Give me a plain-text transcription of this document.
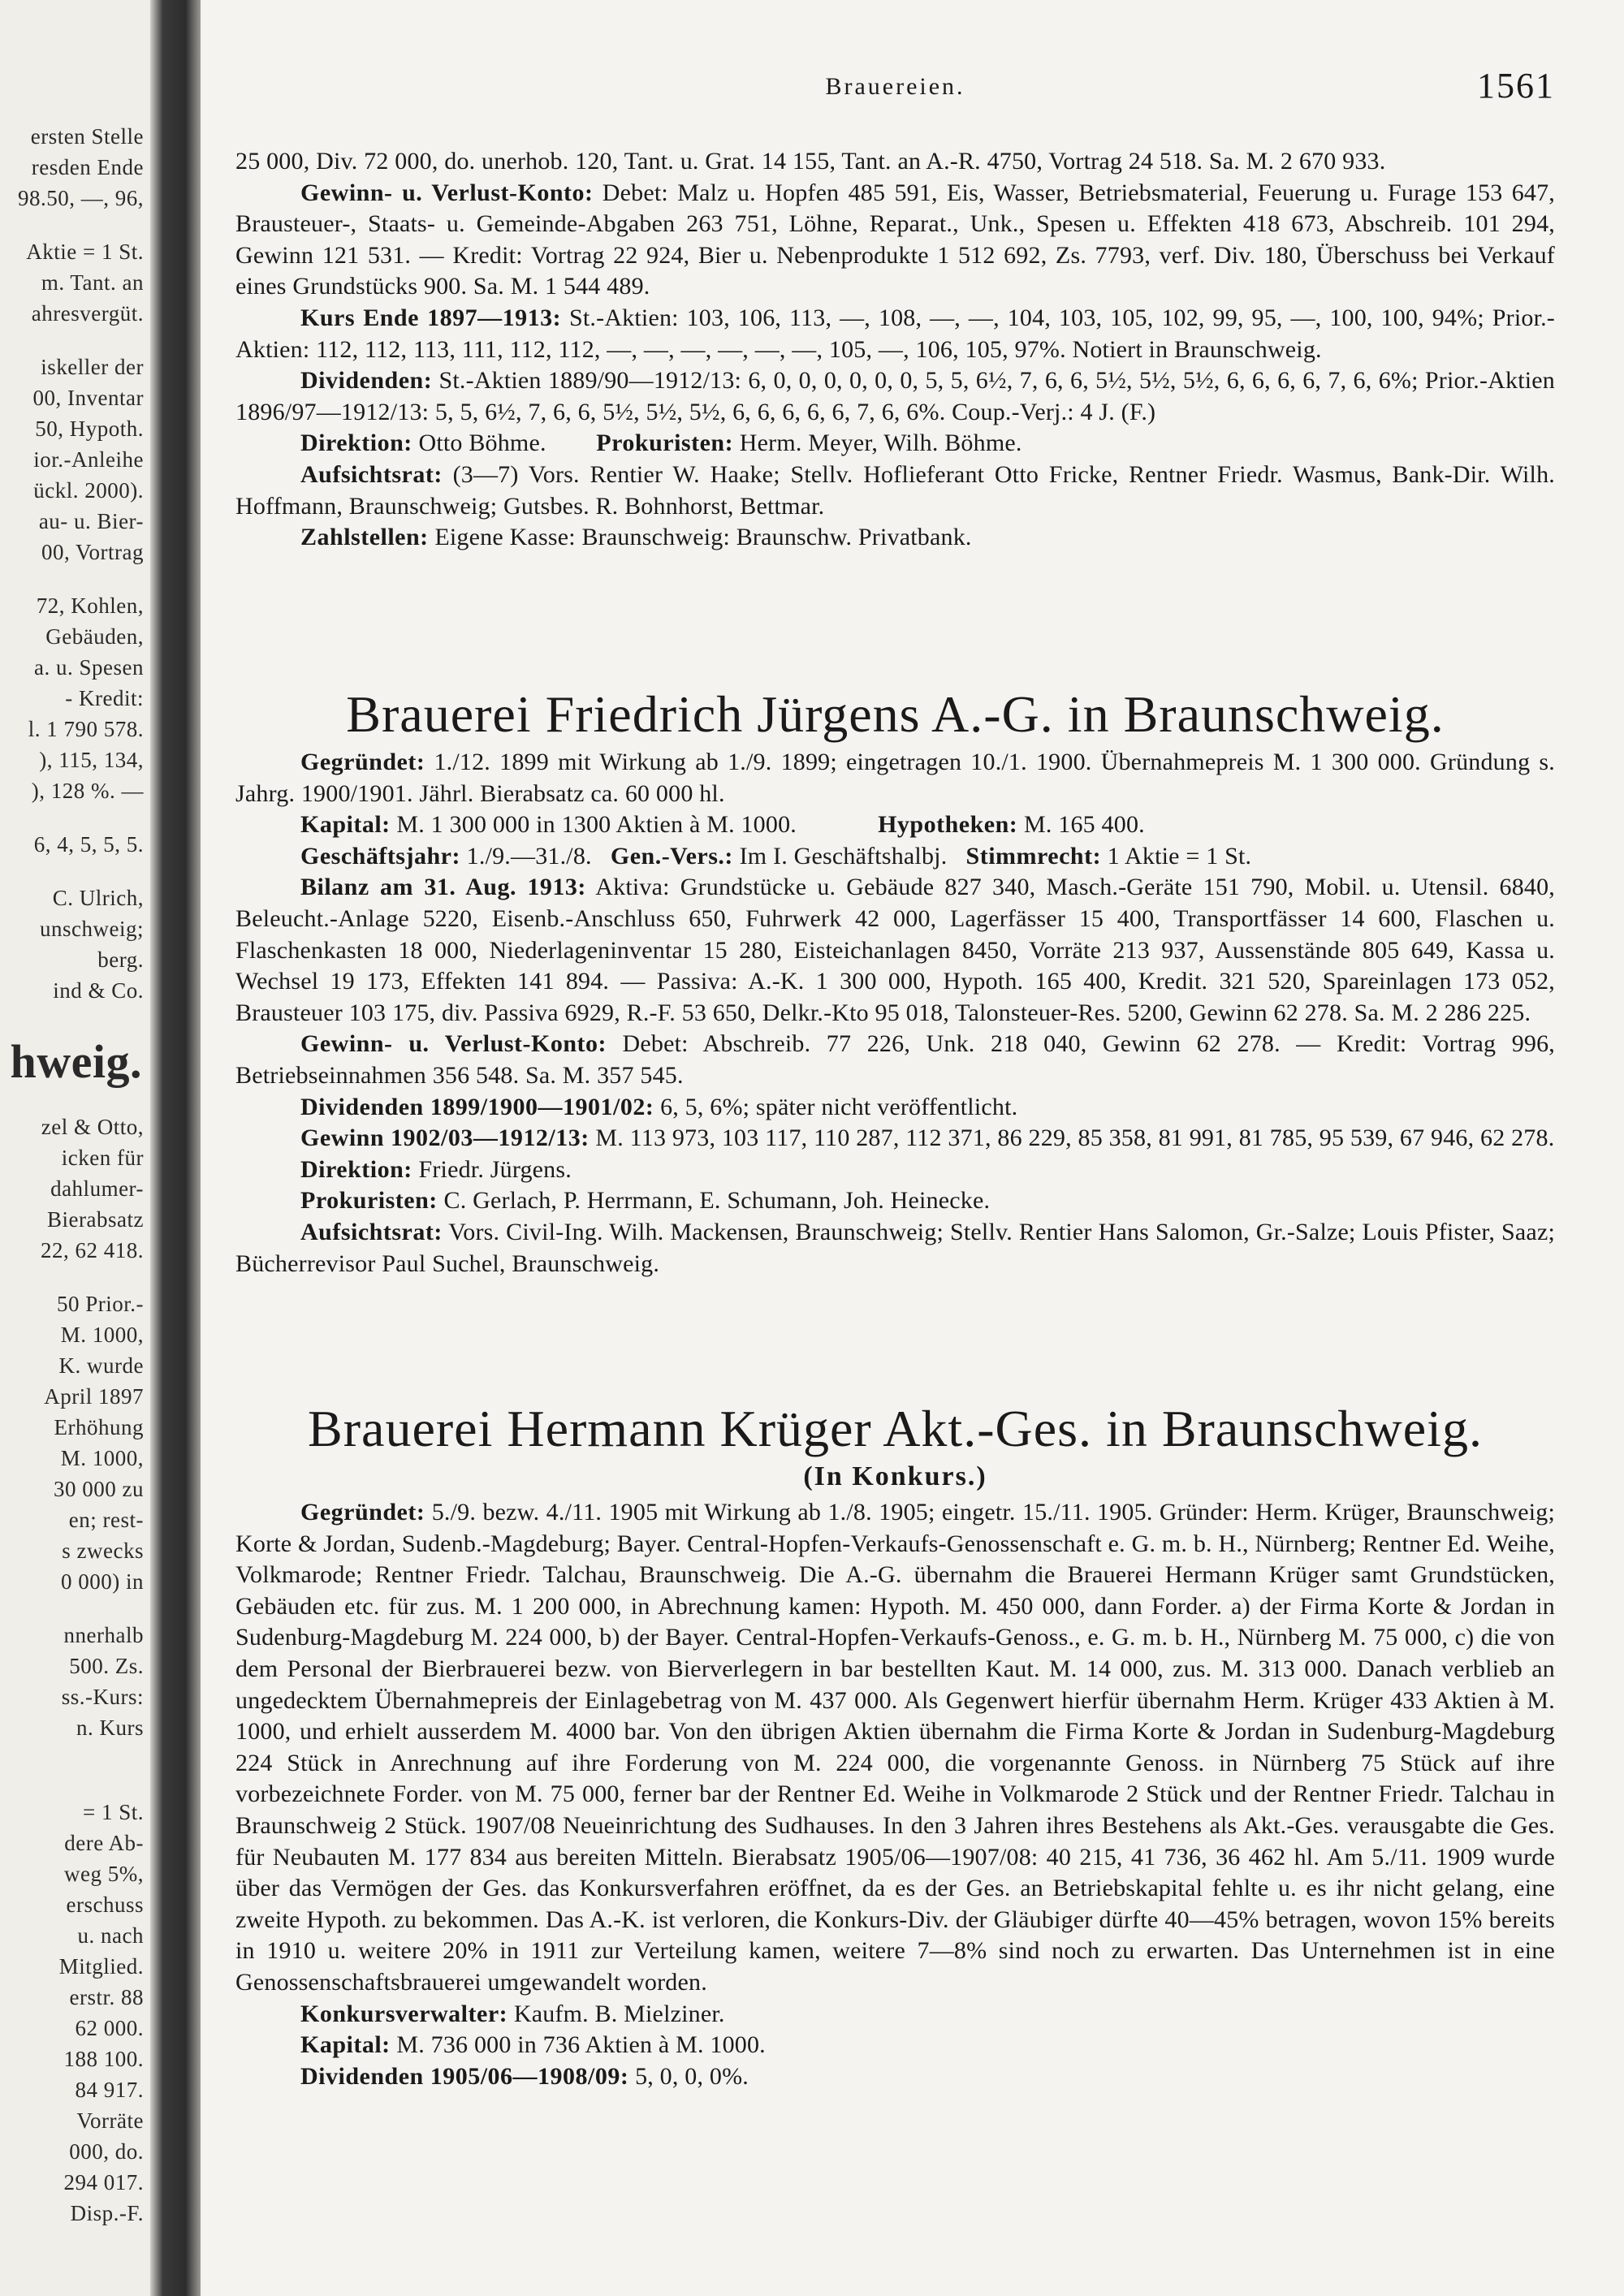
hweig.
ersten Stelle
resden Ende
98.50, —, 96,
Aktie = 1 St.
m. Tant. an
ahresvergüt.
iskeller der
00, Inventar
50, Hypoth.
ior.-Anleihe
ückl. 2000).
au- u. Bier-
00, Vortrag
72, Kohlen,
Gebäuden,
a. u. Spesen
- Kredit:
l. 1 790 578.
), 115, 134,
), 128 %. —
6, 4, 5, 5, 5.
C. Ulrich,
unschweig;
berg.
ind & Co.
zel & Otto,
icken für
dahlumer-
Bierabsatz
22, 62 418.
50 Prior.-
M. 1000,
K. wurde
April 1897
Erhöhung
M. 1000,
30 000 zu
en; rest-
s zwecks
0 000) in
nnerhalb
500. Zs.
ss.-Kurs:
n. Kurs
= 1 St.
dere Ab-
weg 5%,
erschuss
u. nach
Mitglied.
erstr. 88
62 000.
188 100.
84 917.
Vorräte
000, do.
294 017.
Disp.-F.
Brauereien.	1561

25 000, Div. 72 000, do. unerhob. 120, Tant. u. Grat. 14 155, Tant. an A.-R. 4750, Vortrag 24 518. Sa. M. 2 670 933.

Gewinn- u. Verlust-Konto: Debet: Malz u. Hopfen 485 591, Eis, Wasser, Betriebsmaterial, Feuerung u. Furage 153 647, Brausteuer-, Staats- u. Gemeinde-Abgaben 263 751, Löhne, Reparat., Unk., Spesen u. Effekten 418 673, Abschreib. 101 294, Gewinn 121 531. — Kredit: Vortrag 22 924, Bier u. Nebenprodukte 1 512 692, Zs. 7793, verf. Div. 180, Überschuss bei Verkauf eines Grundstücks 900. Sa. M. 1 544 489.

Kurs Ende 1897—1913: St.-Aktien: 103, 106, 113, —, 108, —, —, 104, 103, 105, 102, 99, 95, —, 100, 100, 94%; Prior.-Aktien: 112, 112, 113, 111, 112, 112, —, —, —, —, —, —, 105, —, 106, 105, 97%. Notiert in Braunschweig.

Dividenden: St.-Aktien 1889/90—1912/13: 6, 0, 0, 0, 0, 0, 0, 5, 5, 6½, 7, 6, 6, 5½, 5½, 5½, 6, 6, 6, 6, 7, 6, 6%; Prior.-Aktien 1896/97—1912/13: 5, 5, 6½, 7, 6, 6, 5½, 5½, 5½, 6, 6, 6, 6, 6, 7, 6, 6%. Coup.-Verj.: 4 J. (F.)

Direktion: Otto Böhme. Prokuristen: Herm. Meyer, Wilh. Böhme.

Aufsichtsrat: (3—7) Vors. Rentier W. Haake; Stellv. Hoflieferant Otto Fricke, Rentner Friedr. Wasmus, Bank-Dir. Wilh. Hoffmann, Braunschweig; Gutsbes. R. Bohnhorst, Bettmar.

Zahlstellen: Eigene Kasse: Braunschweig: Braunschw. Privatbank.

Brauerei Friedrich Jürgens A.-G. in Braunschweig.

Gegründet: 1./12. 1899 mit Wirkung ab 1./9. 1899; eingetragen 10./1. 1900. Übernahmepreis M. 1 300 000. Gründung s. Jahrg. 1900/1901. Jährl. Bierabsatz ca. 60 000 hl.

Kapital: M. 1 300 000 in 1300 Aktien à M. 1000.	Hypotheken: M. 165 400.

Geschäftsjahr: 1./9.—31./8. Gen.-Vers.: Im I. Geschäftshalbj. Stimmrecht: 1 Aktie = 1 St.

Bilanz am 31. Aug. 1913: Aktiva: Grundstücke u. Gebäude 827 340, Masch.-Geräte 151 790, Mobil. u. Utensil. 6840, Beleucht.-Anlage 5220, Eisenb.-Anschluss 650, Fuhrwerk 42 000, Lagerfässer 15 400, Transportfässer 14 600, Flaschen u. Flaschenkasten 18 000, Niederlageninventar 15 280, Eisteichanlagen 8450, Vorräte 213 937, Aussenstände 805 649, Kassa u. Wechsel 19 173, Effekten 141 894. — Passiva: A.-K. 1 300 000, Hypoth. 165 400, Kredit. 321 520, Spareinlagen 173 052, Brausteuer 103 175, div. Passiva 6929, R.-F. 53 650, Delkr.-Kto 95 018, Talonsteuer-Res. 5200, Gewinn 62 278. Sa. M. 2 286 225.

Gewinn- u. Verlust-Konto: Debet: Abschreib. 77 226, Unk. 218 040, Gewinn 62 278. — Kredit: Vortrag 996, Betriebseinnahmen 356 548. Sa. M. 357 545.

Dividenden 1899/1900—1901/02: 6, 5, 6%; später nicht veröffentlicht.

Gewinn 1902/03—1912/13: M. 113 973, 103 117, 110 287, 112 371, 86 229, 85 358, 81 991, 81 785, 95 539, 67 946, 62 278.

Direktion: Friedr. Jürgens.

Prokuristen: C. Gerlach, P. Herrmann, E. Schumann, Joh. Heinecke.

Aufsichtsrat: Vors. Civil-Ing. Wilh. Mackensen, Braunschweig; Stellv. Rentier Hans Salomon, Gr.-Salze; Louis Pfister, Saaz; Bücherrevisor Paul Suchel, Braunschweig.

Brauerei Hermann Krüger Akt.-Ges. in Braunschweig.
(In Konkurs.)

Gegründet: 5./9. bezw. 4./11. 1905 mit Wirkung ab 1./8. 1905; eingetr. 15./11. 1905. Gründer: Herm. Krüger, Braunschweig; Korte & Jordan, Sudenb.-Magdeburg; Bayer. Central-Hopfen-Verkaufs-Genossenschaft e. G. m. b. H., Nürnberg; Rentner Ed. Weihe, Volkmarode; Rentner Friedr. Talchau, Braunschweig. Die A.-G. übernahm die Brauerei Hermann Krüger samt Grundstücken, Gebäuden etc. für zus. M. 1 200 000, in Abrechnung kamen: Hypoth. M. 450 000, dann Forder. a) der Firma Korte & Jordan in Sudenburg-Magdeburg M. 224 000, b) der Bayer. Central-Hopfen-Verkaufs-Genoss., e. G. m. b. H., Nürnberg M. 75 000, c) die von dem Personal der Bierbrauerei bezw. von Bierverlegern in bar bestellten Kaut. M. 14 000, zus. M. 313 000. Danach verblieb an ungedecktem Übernahmepreis der Einlagebetrag von M. 437 000. Als Gegenwert hierfür übernahm Herm. Krüger 433 Aktien à M. 1000, und erhielt ausserdem M. 4000 bar. Von den übrigen Aktien übernahm die Firma Korte & Jordan in Sudenburg-Magdeburg 224 Stück in Anrechnung auf ihre Forderung von M. 224 000, die vorgenannte Genoss. in Nürnberg 75 Stück auf ihre vorbezeichnete Forder. von M. 75 000, ferner bar der Rentner Ed. Weihe in Volkmarode 2 Stück und der Rentner Friedr. Talchau in Braunschweig 2 Stück. 1907/08 Neueinrichtung des Sudhauses. In den 3 Jahren ihres Bestehens als Akt.-Ges. verausgabte die Ges. für Neubauten M. 177 834 aus bereiten Mitteln. Bierabsatz 1905/06—1907/08: 40 215, 41 736, 36 462 hl. Am 5./11. 1909 wurde über das Vermögen der Ges. das Konkursverfahren eröffnet, da es der Ges. an Betriebskapital fehlte u. es ihr nicht gelang, eine zweite Hypoth. zu bekommen. Das A.-K. ist verloren, die Konkurs-Div. der Gläubiger dürfte 40—45% betragen, wovon 15% bereits in 1910 u. weitere 20% in 1911 zur Verteilung kamen, weitere 7—8% sind noch zu erwarten. Das Unternehmen ist in eine Genossenschaftsbrauerei umgewandelt worden.

Konkursverwalter: Kaufm. B. Mielziner.

Kapital: M. 736 000 in 736 Aktien à M. 1000.

Dividenden 1905/06—1908/09: 5, 0, 0, 0%.
